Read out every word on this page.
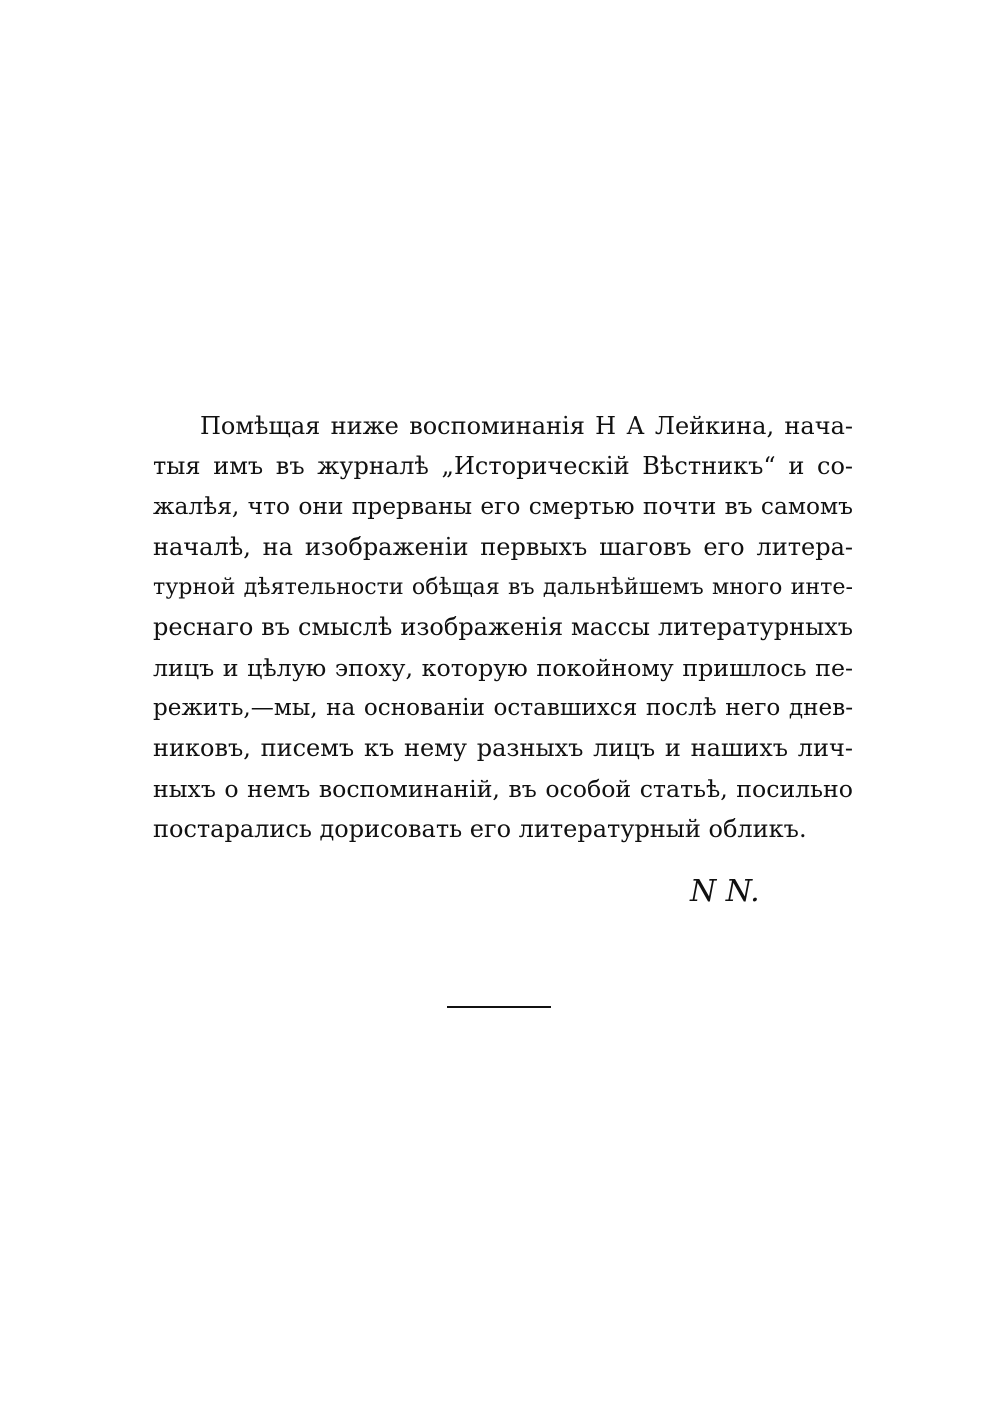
Помѣщая ниже воспоминанія Н А Лейкина, нача-
тыя имъ въ журналѣ „Историческій Вѣстникъ“ и со-
жалѣя, что они прерваны его смертью почти въ самомъ
началѣ, на изображеніи первыхъ шаговъ его литера-
турной дѣятельности обѣщая въ дальнѣйшемъ много инте-
реснаго въ смыслѣ изображенія массы литературныхъ
лицъ и цѣлую эпоху, которую покойному пришлось пе-
режить,—мы, на основаніи оставшихся послѣ него днев-
никовъ, писемъ къ нему разныхъ лицъ и нашихъ лич-
ныхъ о немъ воспоминаній, въ особой статьѣ, посильно
постарались дорисовать его литературный обликъ.
N N.
